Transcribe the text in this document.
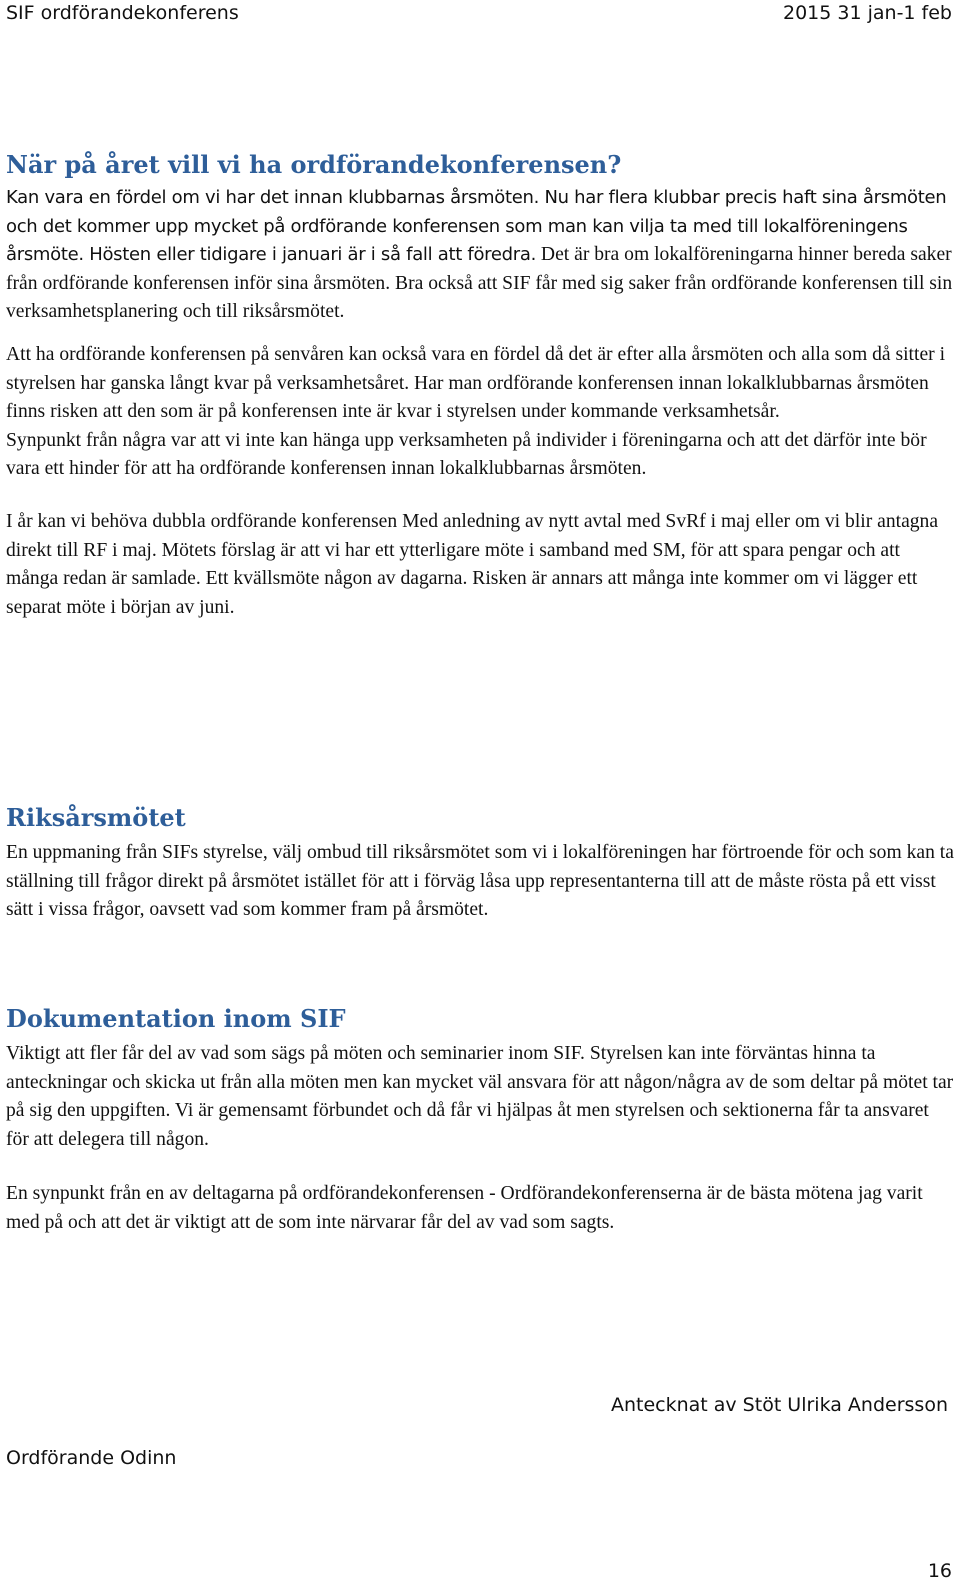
SIF ordförandekonferens	2015 31 jan-1 feb
När på året vill vi ha ordförandekonferensen?

Kan vara en fördel om vi har det innan klubbarnas årsmöten. Nu har flera klubbar precis haft sina årsmöten och det kommer upp mycket på ordförande konferensen som man kan vilja ta med till lokalföreningens årsmöte. Hösten eller tidigare i januari är i så fall att föredra. Det är bra om lokalföreningarna hinner bereda saker från ordförande konferensen inför sina årsmöten. Bra också att SIF får med sig saker från ordförande konferensen till sin verksamhetsplanering och till riksårsmötet.

Att ha ordförande konferensen på senvåren kan också vara en fördel då det är efter alla årsmöten och alla som då sitter i styrelsen har ganska långt kvar på verksamhetsåret. Har man ordförande konferensen innan lokalklubbarnas årsmöten finns risken att den som är på konferensen inte är kvar i styrelsen under kommande verksamhetsår.

Synpunkt från några var att vi inte kan hänga upp verksamheten på individer i föreningarna och att det därför inte bör vara ett hinder för att ha ordförande konferensen innan lokalklubbarnas årsmöten.

I år kan vi behöva dubbla ordförande konferensen Med anledning av nytt avtal med SvRf i maj eller om vi blir antagna direkt till RF i maj. Mötets förslag är att vi har ett ytterligare möte i samband med SM, för att spara pengar och att många redan är samlade. Ett kvällsmöte någon av dagarna. Risken är annars att många inte kommer om vi lägger ett separat möte i början av juni.

Riksårsmötet

En uppmaning från SIFs styrelse, välj ombud till riksårsmötet som vi i lokalföreningen har förtroende för och som kan ta ställning till frågor direkt på årsmötet istället för att i förväg låsa upp representanterna till att de måste rösta på ett visst sätt i vissa frågor, oavsett vad som kommer fram på årsmötet.

Dokumentation inom SIF

Viktigt att fler får del av vad som sägs på möten och seminarier inom SIF. Styrelsen kan inte förväntas hinna ta anteckningar och skicka ut från alla möten men kan mycket väl ansvara för att någon/några av de som deltar på mötet tar på sig den uppgiften. Vi är gemensamt förbundet och då får vi hjälpas åt men styrelsen och sektionerna får ta ansvaret för att delegera till någon.

En synpunkt från en av deltagarna på ordförandekonferensen - Ordförandekonferenserna är de bästa mötena jag varit med på och att det är viktigt att de som inte närvarar får del av vad som sagts.

Antecknat av Stöt Ulrika Andersson
Ordförande Odinn
16
